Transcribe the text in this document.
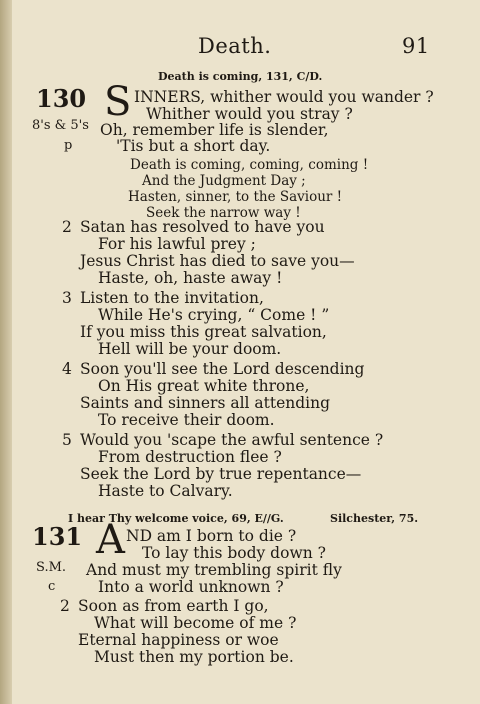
Death.	91
Death is coming, 131, C/D.
130 S INNERS, whither would you wander ?
Whither would you stray ?
8's & 5's Oh, remember life is slender,
p	'Tis but a short day.
Death is coming, coming, coming !
And the Judgment Day ;
Hasten, sinner, to the Saviour !
Seek the narrow way !
2 Satan has resolved to have you
For his lawful prey ;
Jesus Christ has died to save you—
Haste, oh, haste away !
3 Listen to the invitation,
While He's crying, “ Come ! ”
If you miss this great salvation,
Hell will be your doom.
4 Soon you'll see the Lord descending
On His great white throne,
Saints and sinners all attending
To receive their doom.
5 Would you 'scape the awful sentence ?
From destruction flee ?
Seek the Lord by true repentance—
Haste to Calvary.
I hear Thy welcome voice, 69, E//G.	Silchester, 75.
131 A ND am I born to die ?
To lay this body down ?
S.M. And must my trembling spirit fly
c	Into a world unknown ?
2 Soon as from earth I go,
What will become of me ?
Eternal happiness or woe
Must then my portion be.
